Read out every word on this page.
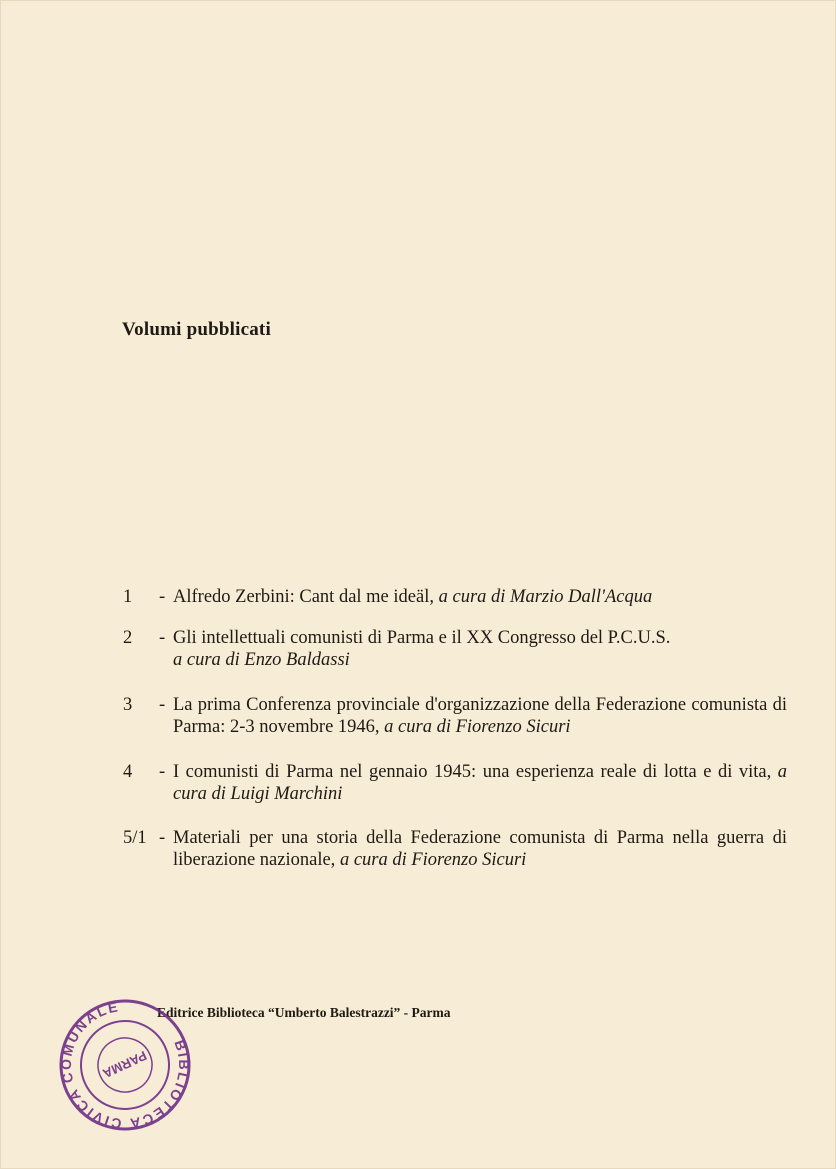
Volumi pubblicati
1	- Alfredo Zerbini: Cant dal me ideäl, a cura di Marzio Dall'Acqua
2	- Gli intellettuali comunisti di Parma e il XX Congresso del P.C.U.S.
a cura di Enzo Baldassi
3	- La prima Conferenza provinciale d'organizzazione della Federazione comunista di Parma: 2-3 novembre 1946, a cura di Fiorenzo Sicuri
4	- I comunisti di Parma nel gennaio 1945: una esperienza reale di lotta e di vita, a cura di Luigi Marchini
5/1 - Materiali per una storia della Federazione comunista di Parma nella guerra di liberazione nazionale, a cura di Fiorenzo Sicuri
Editrice Biblioteca “Umberto Balestrazzi” - Parma
BIBLIOTECA CIVICA COMUNALE
PARMA
